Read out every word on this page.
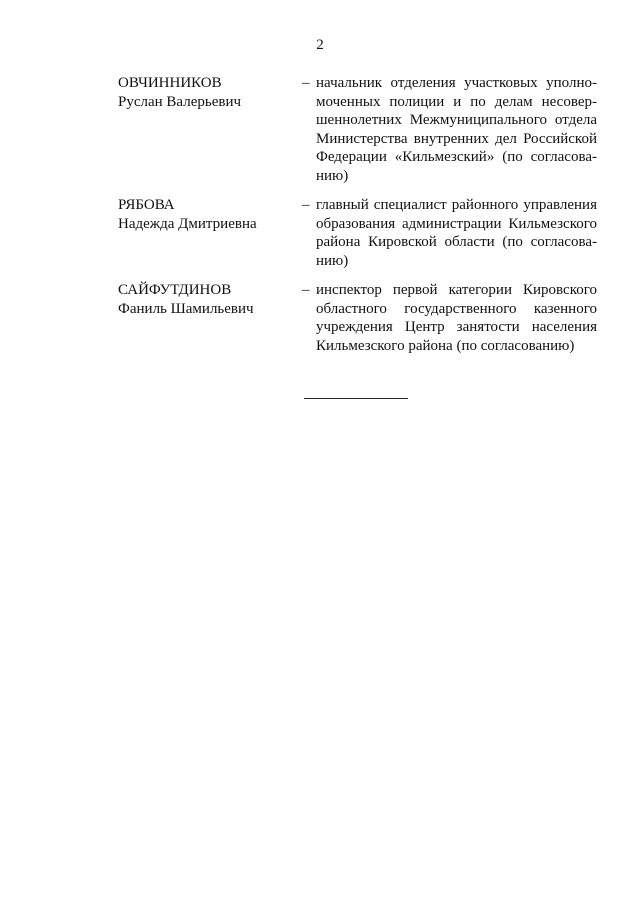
2
ОВЧИННИКОВ
Руслан Валерьевич
– начальник отделения участковых уполно-
моченных полиции и по делам несовер-
шеннолетних Межмуниципального отдела
Министерства внутренних дел Российской
Федерации «Кильмезский» (по согласова-
нию)
РЯБОВА
Надежда Дмитриевна
– главный специалист районного управления
образования администрации Кильмезского
района Кировской области (по согласова-
нию)
САЙФУТДИНОВ
Фаниль Шамильевич
– инспектор первой категории Кировского
областного государственного казенного
учреждения Центр занятости населения
Кильмезского района (по согласованию)
